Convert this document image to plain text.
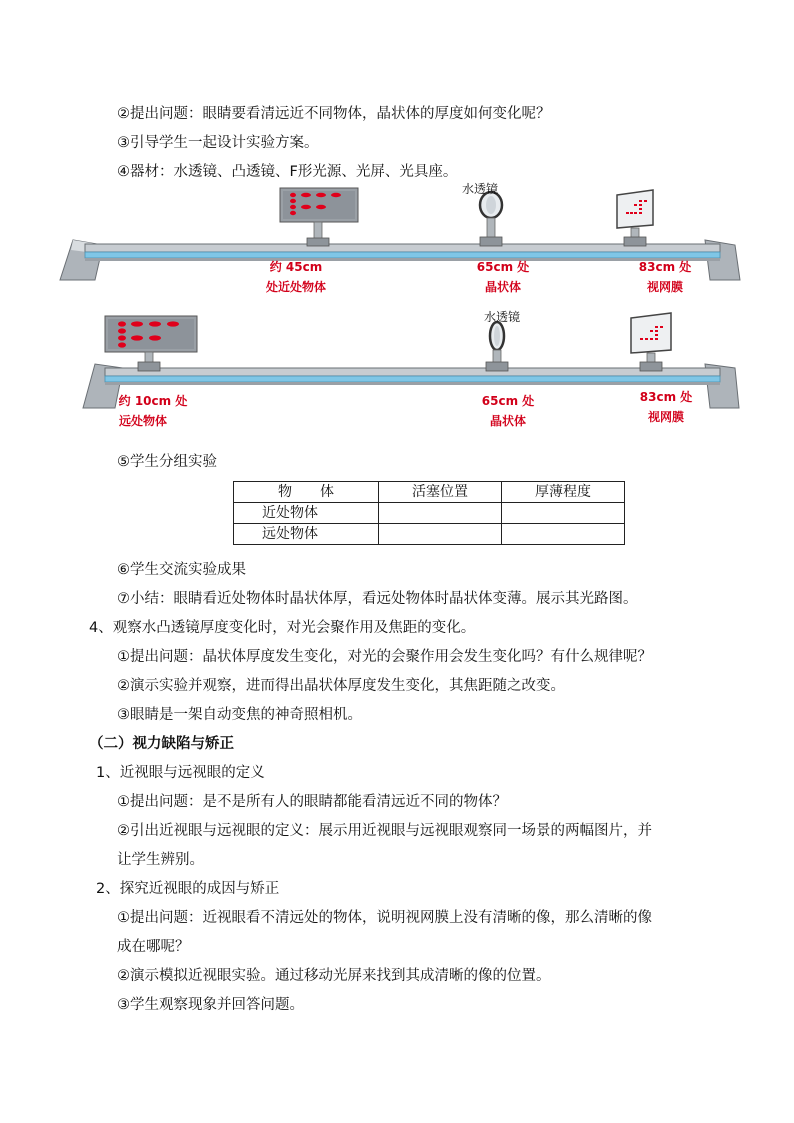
②提出问题：眼睛要看清远近不同物体，晶状体的厚度如何变化呢？
③引导学生一起设计实验方案。
④器材：水透镜、凸透镜、F形光源、光屏、光具座。
水透镜
约 45cm
处近处物体
65cm 处
晶状体
83cm 处
视网膜
水透镜
约 10cm 处
远处物体
65cm 处
晶状体
83cm 处
视网膜
⑤学生分组实验
物　　体	活塞位置	厚薄程度
近处物体		
远处物体		
⑥学生交流实验成果
⑦小结：眼睛看近处物体时晶状体厚，看远处物体时晶状体变薄。展示其光路图。
4、观察水凸透镜厚度变化时，对光会聚作用及焦距的变化。
①提出问题：晶状体厚度发生变化，对光的会聚作用会发生变化吗？有什么规律呢？
②演示实验并观察，进而得出晶状体厚度发生变化，其焦距随之改变。
③眼睛是一架自动变焦的神奇照相机。
（二）视力缺陷与矫正
1、近视眼与远视眼的定义
①提出问题：是不是所有人的眼睛都能看清远近不同的物体？
②引出近视眼与远视眼的定义：展示用近视眼与远视眼观察同一场景的两幅图片，并
让学生辨别。
2、探究近视眼的成因与矫正
①提出问题：近视眼看不清远处的物体，说明视网膜上没有清晰的像，那么清晰的像
成在哪呢？
②演示模拟近视眼实验。通过移动光屏来找到其成清晰的像的位置。
③学生观察现象并回答问题。
